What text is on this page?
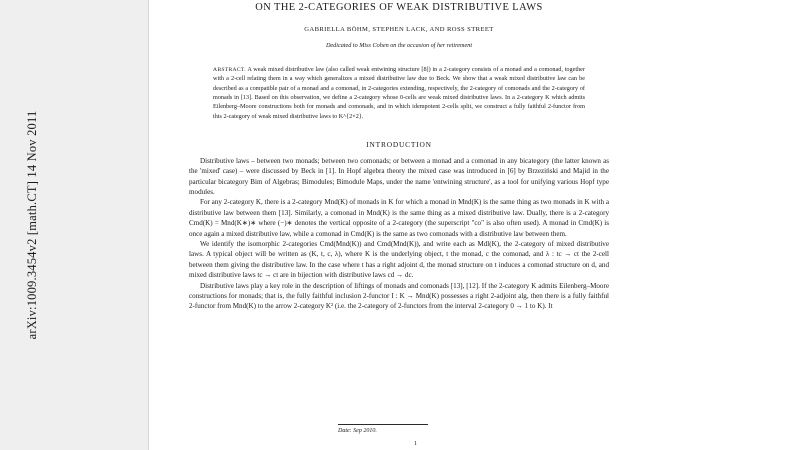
arXiv:1009.3454v2 [math.CT] 14 Nov 2011
ON THE 2-CATEGORIES OF WEAK DISTRIBUTIVE LAWS
GABRIELLA BÖHM, STEPHEN LACK, AND ROSS STREET
Dedicated to Miss Cohen on the occasion of her retirement
ABSTRACT. A weak mixed distributive law (also called weak entwining structure [8]) in a 2-category consists of a monad and a comonad, together with a 2-cell relating them in a way which generalizes a mixed distributive law due to Beck. We show that a weak mixed distributive law can be described as a compatible pair of a monad and a comonad, in 2-categories extending, respectively, the 2-category of comonads and the 2-category of monads in [13]. Based on this observation, we define a 2-category whose 0-cells are weak mixed distributive laws. In a 2-category K which admits Eilenberg–Moore constructions both for monads and comonads, and in which idempotent 2-cells split, we construct a fully faithful 2-functor from this 2-category of weak mixed distributive laws to K^{2×2}.
INTRODUCTION

Distributive laws – between two monads; between two comonads; or between a monad and a comonad in any bicategory (the latter known as the 'mixed' case) – were discussed by Beck in [1]. In Hopf algebra theory the mixed case was introduced in [6] by Brzeziński and Majid in the particular bicategory Bim of Algebras; Bimodules; Bimodule Maps, under the name 'entwining structure', as a tool for unifying various Hopf type modules.

For any 2-category K, there is a 2-category Mnd(K) of monads in K for which a monad in Mnd(K) is the same thing as two monads in K with a distributive law between them [13]. Similarly, a comonad in Mnd(K) is the same thing as a mixed distributive law. Dually, there is a 2-category Cmd(K) = Mnd(K∗)∗ where (−)∗ denotes the vertical opposite of a 2-category (the superscript "co" is also often used). A monad in Cmd(K) is once again a mixed distributive law, while a comonad in Cmd(K) is the same as two comonads with a distributive law between them.

We identify the isomorphic 2-categories Cmd(Mnd(K)) and Cmd(Mnd(K)), and write each as Mdl(K), the 2-category of mixed distributive laws. A typical object will be written as (K, t, c, λ), where K is the underlying object, t the monad, c the comonad, and λ : tc → ct the 2-cell between them giving the distributive law. In the case where t has a right adjoint d, the monad structure on t induces a comonad structure on d, and mixed distributive laws tc → ct are in bijection with distributive laws cd → dc.

Distributive laws play a key role in the description of liftings of monads and comonads [13], [12]. If the 2-category K admits Eilenberg–Moore constructions for monads; that is, the fully faithful inclusion 2-functor I : K → Mnd(K) possesses a right 2-adjoint alg, then there is a fully faithful 2-functor from Mnd(K) to the arrow 2-category K² (i.e. the 2-category of 2-functors from the interval 2-category 0 → 1 to K). It

Date: Sep 2010.
1
